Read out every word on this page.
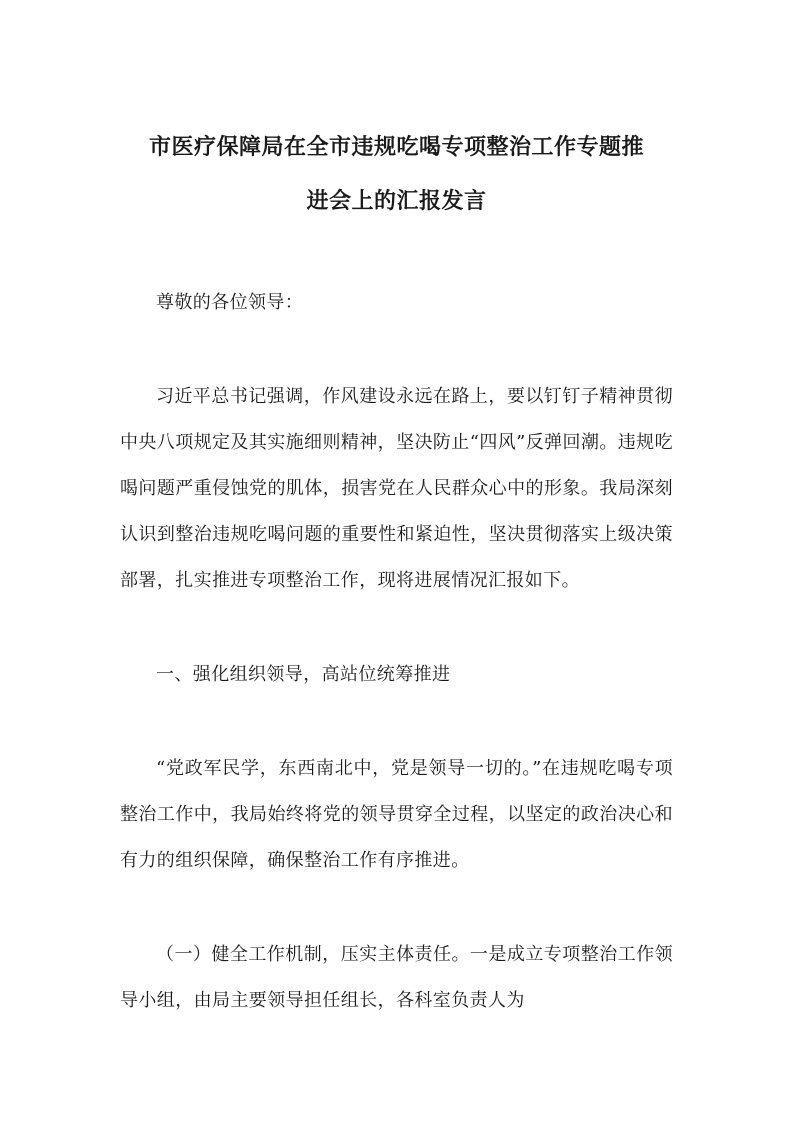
市医疗保障局在全市违规吃喝专项整治工作专题推
进会上的汇报发言

尊敬的各位领导：

习近平总书记强调，作风建设永远在路上，要以钉钉子精神贯彻中央八项规定及其实施细则精神，坚决防止“四风”反弹回潮。违规吃喝问题严重侵蚀党的肌体，损害党在人民群众心中的形象。我局深刻认识到整治违规吃喝问题的重要性和紧迫性，坚决贯彻落实上级决策部署，扎实推进专项整治工作，现将进展情况汇报如下。

一、强化组织领导，高站位统筹推进

“党政军民学，东西南北中，党是领导一切的。”在违规吃喝专项整治工作中，我局始终将党的领导贯穿全过程，以坚定的政治决心和有力的组织保障，确保整治工作有序推进。

（一）健全工作机制，压实主体责任。一是成立专项整治工作领导小组，由局主要领导担任组长，各科室负责人为
